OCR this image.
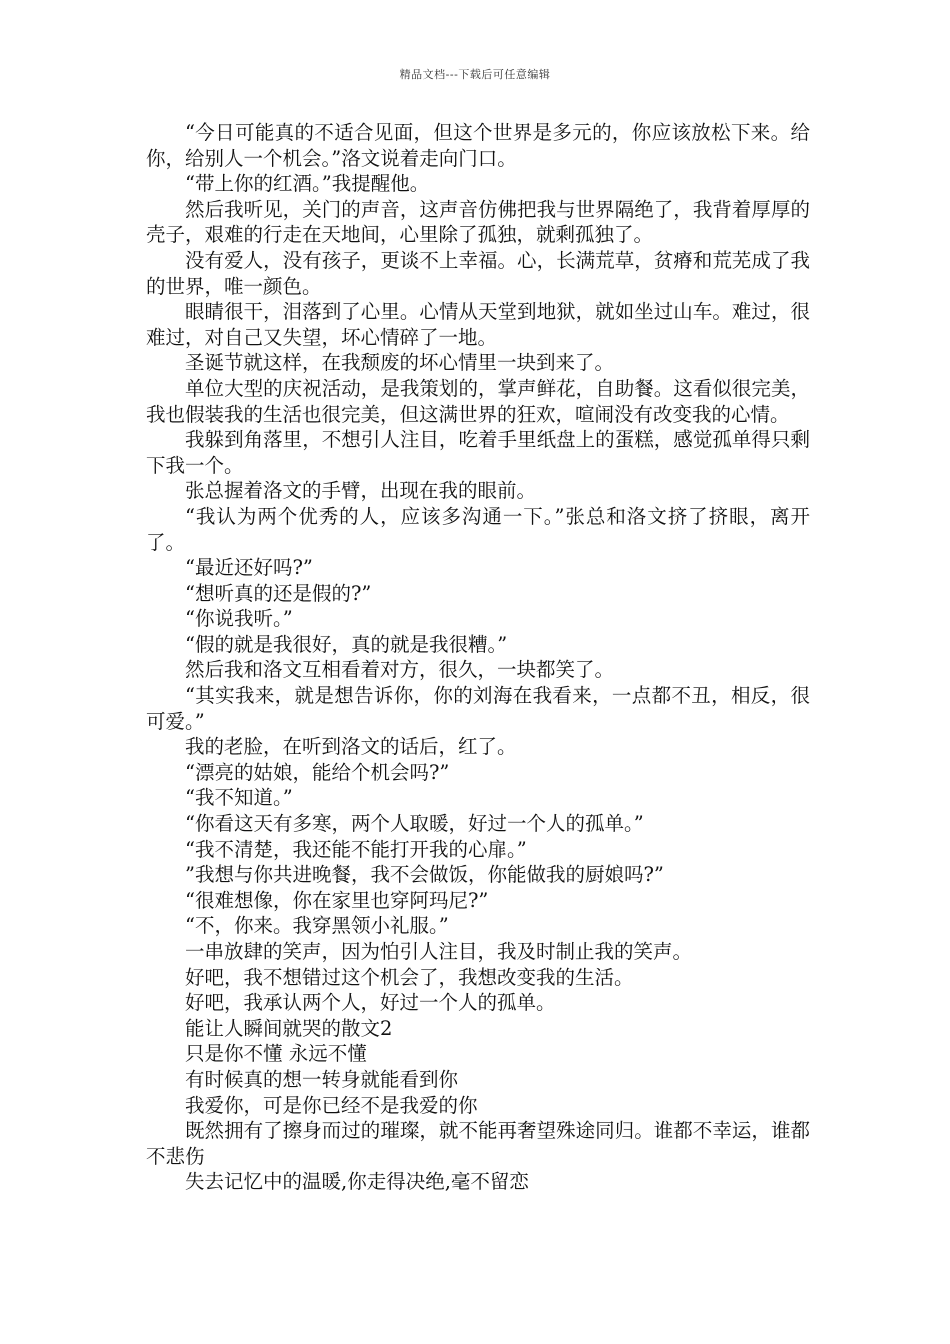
精品文档---下载后可任意编辑

“今日可能真的不适合见面，但这个世界是多元的，你应该放松下来。给你，给别人一个机会。”洛文说着走向门口。

“带上你的红酒。”我提醒他。

然后我听见，关门的声音，这声音仿佛把我与世界隔绝了，我背着厚厚的壳子，艰难的行走在天地间，心里除了孤独，就剩孤独了。

没有爱人，没有孩子，更谈不上幸福。心，长满荒草，贫瘠和荒芜成了我的世界，唯一颜色。

眼睛很干，泪落到了心里。心情从天堂到地狱，就如坐过山车。难过，很难过，对自己又失望，坏心情碎了一地。

圣诞节就这样，在我颓废的坏心情里一块到来了。

单位大型的庆祝活动，是我策划的，掌声鲜花，自助餐。这看似很完美，我也假装我的生活也很完美，但这满世界的狂欢，喧闹没有改变我的心情。

我躲到角落里，不想引人注目，吃着手里纸盘上的蛋糕，感觉孤单得只剩下我一个。

张总握着洛文的手臂，出现在我的眼前。

“我认为两个优秀的人，应该多沟通一下。”张总和洛文挤了挤眼，离开了。

“最近还好吗?”

“想听真的还是假的?”

“你说我听。”

“假的就是我很好，真的就是我很糟。”

然后我和洛文互相看着对方，很久，一块都笑了。

“其实我来，就是想告诉你，你的刘海在我看来，一点都不丑，相反，很可爱。”

我的老脸，在听到洛文的话后，红了。

“漂亮的姑娘，能给个机会吗?”

“我不知道。”

“你看这天有多寒，两个人取暖，好过一个人的孤单。”

“我不清楚，我还能不能打开我的心扉。”

”我想与你共进晚餐，我不会做饭，你能做我的厨娘吗?”

“很难想像，你在家里也穿阿玛尼?”

“不，你来。我穿黑领小礼服。”

一串放肆的笑声，因为怕引人注目，我及时制止我的笑声。

好吧，我不想错过这个机会了，我想改变我的生活。

好吧，我承认两个人，好过一个人的孤单。

能让人瞬间就哭的散文2

只是你不懂 永远不懂

有时候真的想一转身就能看到你

我爱你，可是你已经不是我爱的你

既然拥有了擦身而过的璀璨，就不能再奢望殊途同归。谁都不幸运，谁都不悲伤

失去记忆中的温暖,你走得决绝,毫不留恋
